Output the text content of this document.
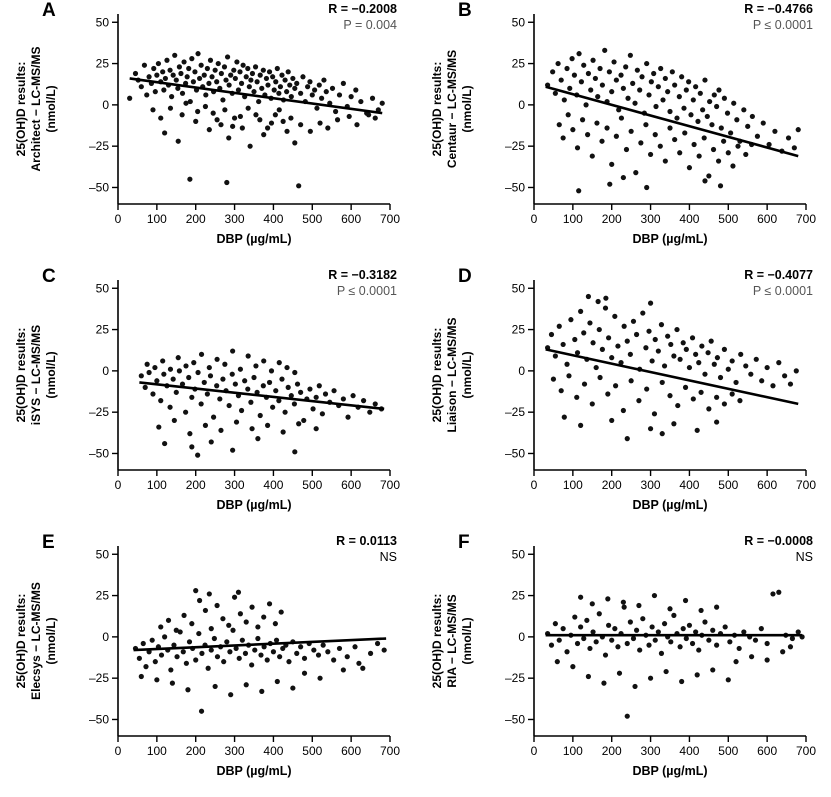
A	R = −0.2008
P = 0.004
25(OH)D results: Architect − LC-MS/MS (nmol/L)
DBP (µg/mL)
50
25
0
–25
–50
0 100 200 300 400 500 600 700
B	R = −0.4766
P ≤ 0.0001
25(OH)D results: Centaur − LC-MS/MS (nmol/L)
DBP (µg/mL)
50
25
0
–25
–50
0 100 200 300 400 500 600 700
C	R = −0.3182
P ≤ 0.0001
25(OH)D results: iSYS − LC-MS/MS (nmol/L)
DBP (µg/mL)
50
25
0
–25
–50
0 100 200 300 400 500 600 700
D	R = −0.4077
P ≤ 0.0001
25(OH)D results: Liaison − LC-MS/MS (nmol/L)
DBP (µg/mL)
50
25
0
–25
–50
0 100 200 300 400 500 600 700
E	R = 0.0113
NS
25(OH)D results: Elecsys − LC-MS/MS (nmol/L)
DBP (µg/mL)
50
25
0
–25
–50
0 100 200 300 400 500 600 700
F	R = −0.0008
NS
25(OH)D results: RIA − LC-MS/MS (nmol/L)
DBP (µg/mL)
50
25
0
–25
–50
0 100 200 300 400 500 600 700
